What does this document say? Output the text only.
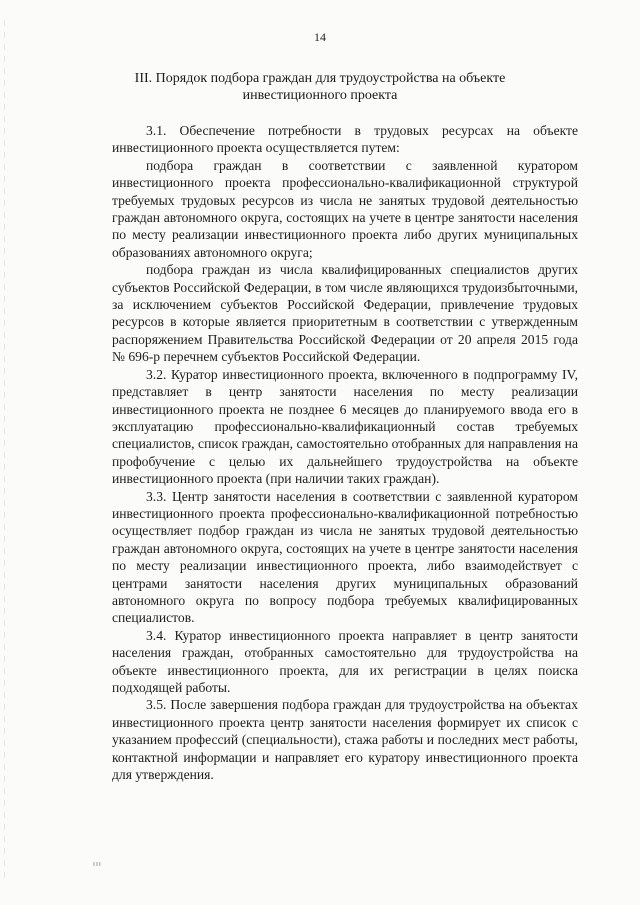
14
III. Порядок подбора граждан для трудоустройства на объекте инвестиционного проекта

3.1. Обеспечение потребности в трудовых ресурсах на объекте инвестиционного проекта осуществляется путем:

подбора граждан в соответствии с заявленной куратором инвестиционного проекта профессионально-квалификационной структурой требуемых трудовых ресурсов из числа не занятых трудовой деятельностью граждан автономного округа, состоящих на учете в центре занятости населения по месту реализации инвестиционного проекта либо других муниципальных образованиях автономного округа;

подбора граждан из числа квалифицированных специалистов других субъектов Российской Федерации, в том числе являющихся трудоизбыточными, за исключением субъектов Российской Федерации, привлечение трудовых ресурсов в которые является приоритетным в соответствии с утвержденным распоряжением Правительства Российской Федерации от 20 апреля 2015 года № 696-р перечнем субъектов Российской Федерации.

3.2. Куратор инвестиционного проекта, включенного в подпрограмму IV, представляет в центр занятости населения по месту реализации инвестиционного проекта не позднее 6 месяцев до планируемого ввода его в эксплуатацию профессионально-квалификационный состав требуемых специалистов, список граждан, самостоятельно отобранных для направления на профобучение с целью их дальнейшего трудоустройства на объекте инвестиционного проекта (при наличии таких граждан).

3.3. Центр занятости населения в соответствии с заявленной куратором инвестиционного проекта профессионально-квалификационной потребностью осуществляет подбор граждан из числа не занятых трудовой деятельностью граждан автономного округа, состоящих на учете в центре занятости населения по месту реализации инвестиционного проекта, либо взаимодействует с центрами занятости населения других муниципальных образований автономного округа по вопросу подбора требуемых квалифицированных специалистов.

3.4. Куратор инвестиционного проекта направляет в центр занятости населения граждан, отобранных самостоятельно для трудоустройства на объекте инвестиционного проекта, для их регистрации в целях поиска подходящей работы.

3.5. После завершения подбора граждан для трудоустройства на объектах инвестиционного проекта центр занятости населения формирует их список с указанием профессий (специальности), стажа работы и последних мест работы, контактной информации и направляет его куратору инвестиционного проекта для утверждения.

ııı
